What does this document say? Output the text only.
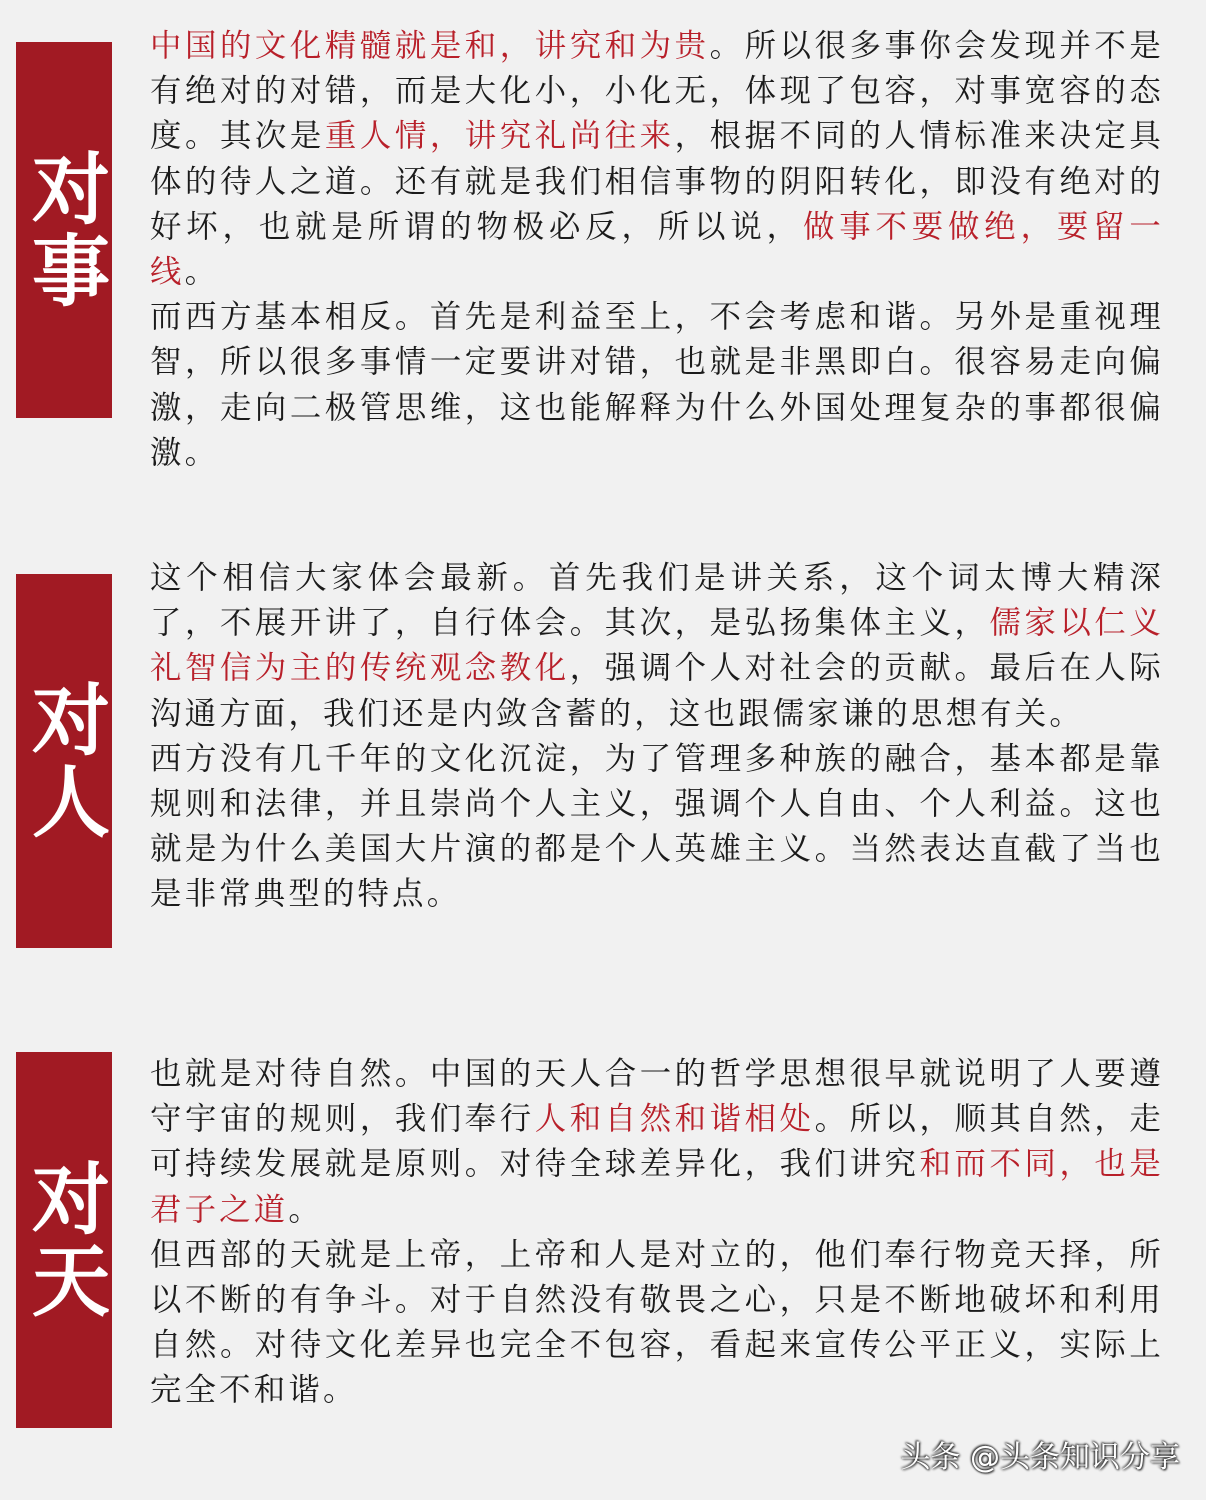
对事

中国的文化精髓就是和，讲究和为贵。所以很多事你会发现并不是有绝对的对错，而是大化小，小化无，体现了包容，对事宽容的态度。其次是重人情，讲究礼尚往来，根据不同的人情标准来决定具体的待人之道。还有就是我们相信事物的阴阳转化，即没有绝对的好坏，也就是所谓的物极必反，所以说，做事不要做绝，要留一线。

而西方基本相反。首先是利益至上，不会考虑和谐。另外是重视理智，所以很多事情一定要讲对错，也就是非黑即白。很容易走向偏激，走向二极管思维，这也能解释为什么外国处理复杂的事都很偏激。

对人

这个相信大家体会最新。首先我们是讲关系，这个词太博大精深了，不展开讲了，自行体会。其次，是弘扬集体主义，儒家以仁义礼智信为主的传统观念教化，强调个人对社会的贡献。最后在人际沟通方面，我们还是内敛含蓄的，这也跟儒家谦的思想有关。

西方没有几千年的文化沉淀，为了管理多种族的融合，基本都是靠规则和法律，并且崇尚个人主义，强调个人自由、个人利益。这也就是为什么美国大片演的都是个人英雄主义。当然表达直截了当也是非常典型的特点。

对天

也就是对待自然。中国的天人合一的哲学思想很早就说明了人要遵守宇宙的规则，我们奉行人和自然和谐相处。所以，顺其自然，走可持续发展就是原则。对待全球差异化，我们讲究和而不同，也是君子之道。

但西部的天就是上帝，上帝和人是对立的，他们奉行物竞天择，所以不断的有争斗。对于自然没有敬畏之心，只是不断地破坏和利用自然。对待文化差异也完全不包容，看起来宣传公平正义，实际上完全不和谐。

头条 @头条知识分享
